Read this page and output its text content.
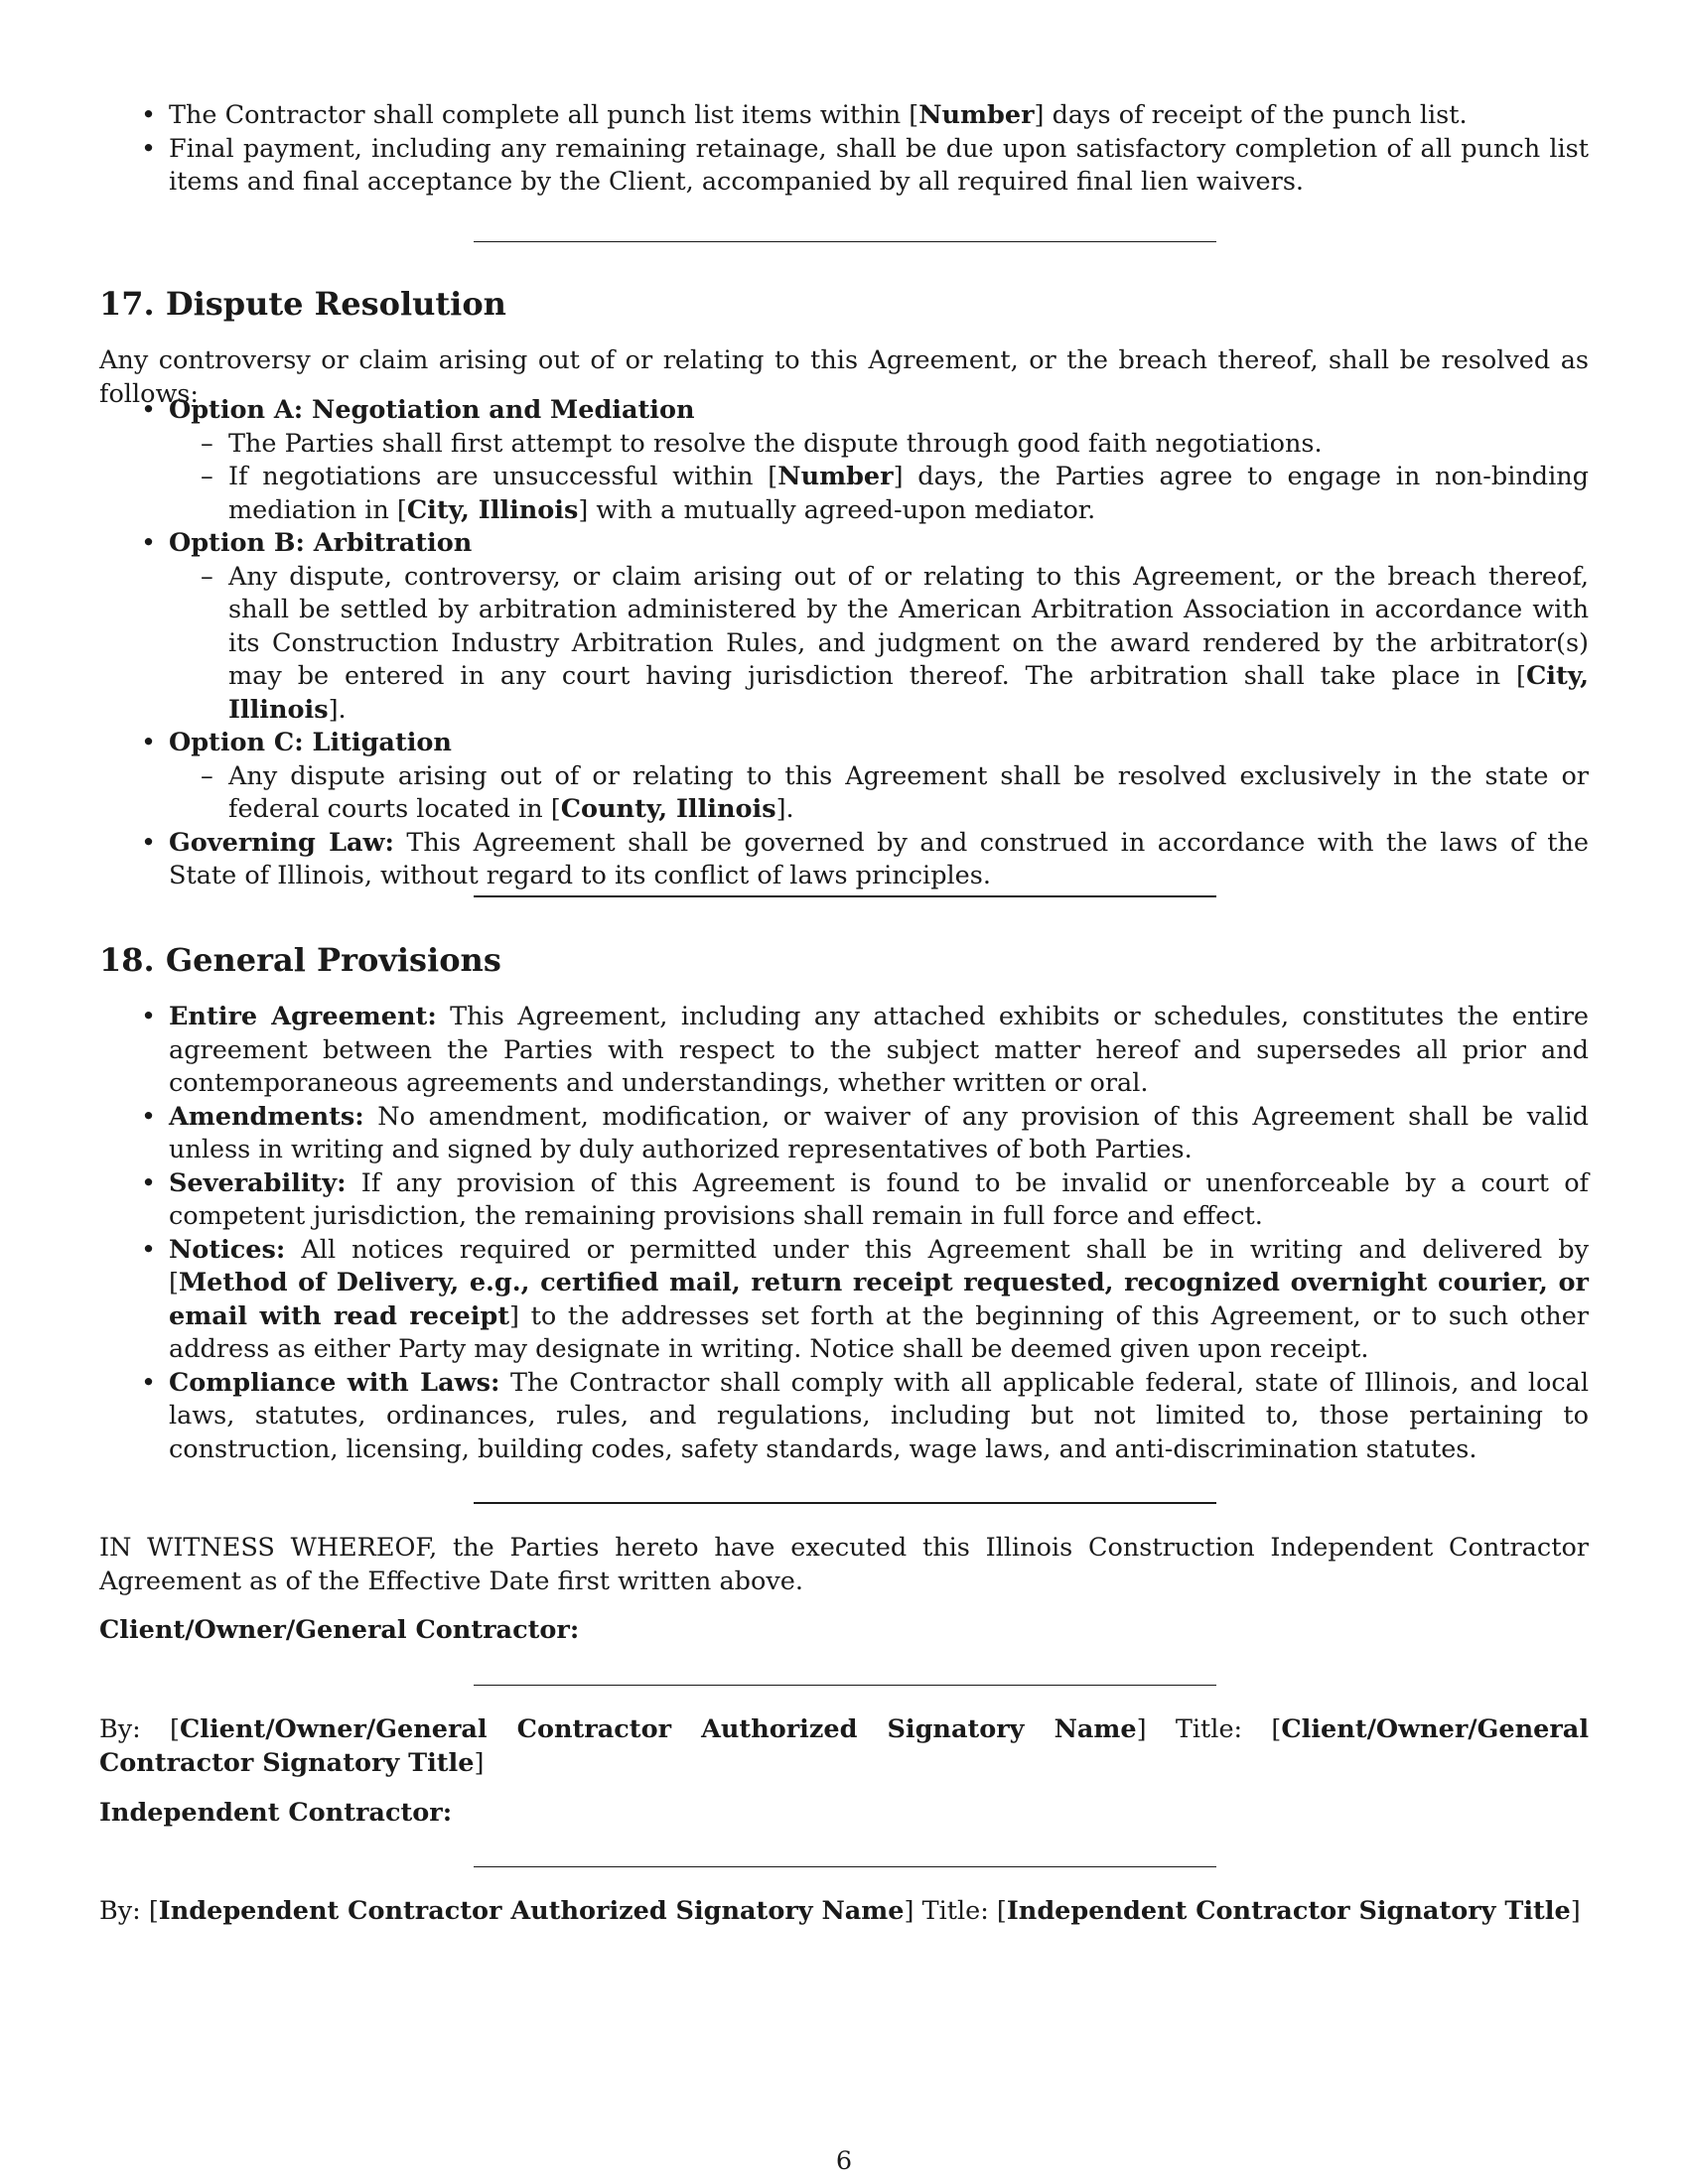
• The Contractor shall complete all punch list items within [Number] days of receipt of the punch list.
• Final payment, including any remaining retainage, shall be due upon satisfactory completion of all punch list items and final acceptance by the Client, accompanied by all required final lien waivers.
17. Dispute Resolution
Any controversy or claim arising out of or relating to this Agreement, or the breach thereof, shall be resolved as follows:
• Option A: Negotiation and Mediation
– The Parties shall first attempt to resolve the dispute through good faith negotiations.
– If negotiations are unsuccessful within [Number] days, the Parties agree to engage in non-binding mediation in [City, Illinois] with a mutually agreed-upon mediator.
• Option B: Arbitration
– Any dispute, controversy, or claim arising out of or relating to this Agreement, or the breach thereof, shall be settled by arbitration administered by the American Arbitration Association in accordance with its Construction Industry Arbitration Rules, and judgment on the award rendered by the arbitrator(s) may be entered in any court having jurisdiction thereof. The arbitration shall take place in [City, Illinois].
• Option C: Litigation
– Any dispute arising out of or relating to this Agreement shall be resolved exclusively in the state or federal courts located in [County, Illinois].
• Governing Law: This Agreement shall be governed by and construed in accordance with the laws of the State of Illinois, without regard to its conflict of laws principles.
18. General Provisions
• Entire Agreement: This Agreement, including any attached exhibits or schedules, constitutes the entire agreement between the Parties with respect to the subject matter hereof and supersedes all prior and contemporaneous agreements and understandings, whether written or oral.
• Amendments: No amendment, modification, or waiver of any provision of this Agreement shall be valid unless in writing and signed by duly authorized representatives of both Parties.
• Severability: If any provision of this Agreement is found to be invalid or unenforceable by a court of competent jurisdiction, the remaining provisions shall remain in full force and effect.
• Notices: All notices required or permitted under this Agreement shall be in writing and delivered by [Method of Delivery, e.g., certified mail, return receipt requested, recognized overnight courier, or email with read receipt] to the addresses set forth at the beginning of this Agreement, or to such other address as either Party may designate in writing. Notice shall be deemed given upon receipt.
• Compliance with Laws: The Contractor shall comply with all applicable federal, state of Illinois, and local laws, statutes, ordinances, rules, and regulations, including but not limited to, those pertaining to construction, licensing, building codes, safety standards, wage laws, and anti-discrimination statutes.
IN WITNESS WHEREOF, the Parties hereto have executed this Illinois Construction Independent Contractor Agreement as of the Effective Date first written above.
Client/Owner/General Contractor:
By: [Client/Owner/General Contractor Authorized Signatory Name] Title: [Client/Owner/General Contractor Signatory Title]
Independent Contractor:
By: [Independent Contractor Authorized Signatory Name] Title: [Independent Contractor Signatory Title]
6
